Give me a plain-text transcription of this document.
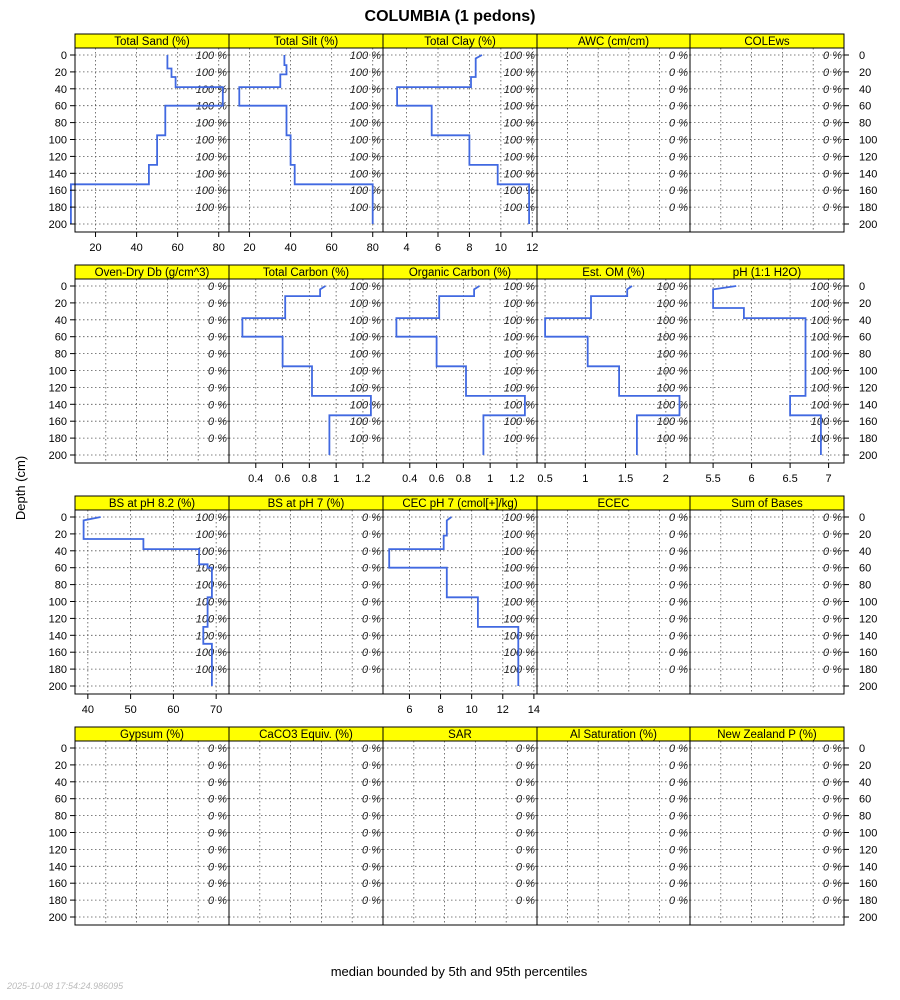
COLUMBIA (1 pedons)
Depth (cm)
100 %
100 %
100 %
100 %
100 %
100 %
100 %
100 %
100 %
100 %
Total Sand (%)
20	40	60	80
100 %
100 %
100 %
100 %
100 %
100 %
100 %
100 %
100 %
100 %
Total Silt (%)
20	40	60	80
100 %
100 %
100 %
100 %
100 %
100 %
100 %
100 %
100 %
100 %
Total Clay (%)
4 6 8 10 12
0 %
0 %
0 %
0 %
0 %
0 %
0 %
0 %
0 %
0 %
AWC (cm/cm)
0 %
0 %
0 %
0 %
0 %
0 %
0 %
0 %
0 %
0 %
COLEws
0 %
0 %
0 %
0 %
0 %
0 %
0 %
0 %
0 %
0 %
Oven-Dry Db (g/cm^3)
100 %
100 %
100 %
100 %
100 %
100 %
100 %
100 %
100 %
100 %
Total Carbon (%)
0.4 0.6 0.8 1 1.2
100 %
100 %
100 %
100 %
100 %
100 %
100 %
100 %
100 %
100 %
Organic Carbon (%)
0.4 0.6 0.8 1 1.2
100 %
100 %
100 %
100 %
100 %
100 %
100 %
100 %
100 %
100 %
Est. OM (%)
0.5	1	1.5	2
100 %
100 %
100 %
100 %
100 %
100 %
100 %
100 %
100 %
100 %
pH (1:1 H2O)
5.5	6	6.5	7
100 %
100 %
100 %
100 %
100 %
100 %
100 %
100 %
100 %
100 %
BS at pH 8.2 (%)
40	50	60	70
0 %
0 %
0 %
0 %
0 %
0 %
0 %
0 %
0 %
0 %
BS at pH 7 (%)
100 %
100 %
100 %
100 %
100 %
100 %
100 %
100 %
100 %
100 %
CEC pH 7 (cmol[+]/kg)
6 8 10 12 14
0 %
0 %
0 %
0 %
0 %
0 %
0 %
0 %
0 %
0 %
ECEC
0 %
0 %
0 %
0 %
0 %
0 %
0 %
0 %
0 %
0 %
Sum of Bases
0 %
0 %
0 %
0 %
0 %
0 %
0 %
0 %
0 %
0 %
Gypsum (%)
0 %
0 %
0 %
0 %
0 %
0 %
0 %
0 %
0 %
0 %
CaCO3 Equiv. (%)
0 %
0 %
0 %
0 %
0 %
0 %
0 %
0 %
0 %
0 %
SAR
0 %
0 %
0 %
0 %
0 %
0 %
0 %
0 %
0 %
0 %
Al Saturation (%)
0 %
0 %
0 %
0 %
0 %
0 %
0 %
0 %
0 %
0 %
New Zealand P (%)
0	0
20	20
40	40
60	60
80	80
100	100
120	120
140	140
160	160
180	180
200	200
0	0
20	20
40	40
60	60
80	80
100	100
120	120
140	140
160	160
180	180
200	200
0	0
20	20
40	40
60	60
80	80
100	100
120	120
140	140
160	160
180	180
200	200
0	0
20	20
40	40
60	60
80	80
100	100
120	120
140	140
160	160
180	180
200	200
median bounded by 5th and 95th percentiles
2025-10-08 17:54:24.986095
